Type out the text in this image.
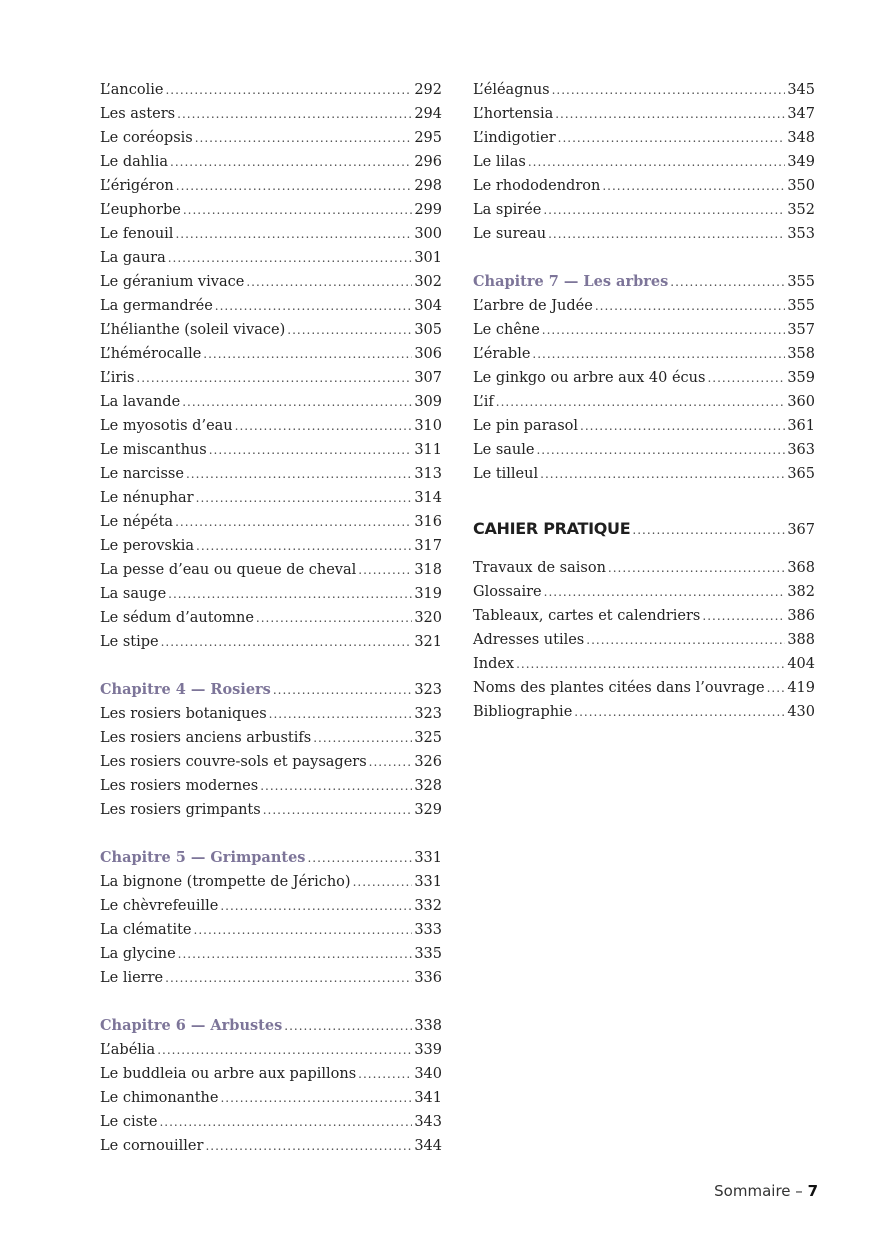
L’ancolie .....	292
Les asters .....	294
Le coréopsis .....	295
Le dahlia .....	296
L’érigéron .....	298
L’euphorbe .....	299
Le fenouil .....	300
La gaura .....	301
Le géranium vivace .....	302
La germandrée .....	304
L’hélianthe (soleil vivace) .....	305
L’hémérocalle .....	306
L’iris .....	307
La lavande .....	309
Le myosotis d’eau .....	310
Le miscanthus .....	311
Le narcisse .....	313
Le nénuphar .....	314
Le népéta .....	316
Le perovskia .....	317
La pesse d’eau ou queue de cheval .....	318
La sauge .....	319
Le sédum d’automne .....	320
Le stipe .....	321
Chapitre 4 — Rosiers .....	323
Les rosiers botaniques .....	323
Les rosiers anciens arbustifs .....	325
Les rosiers couvre-sols et paysagers .....	326
Les rosiers modernes .....	328
Les rosiers grimpants .....	329
Chapitre 5 — Grimpantes .....	331
La bignone (trompette de Jéricho) .....	331
Le chèvrefeuille .....	332
La clématite .....	333
La glycine .....	335
Le lierre .....	336
Chapitre 6 — Arbustes .....	338
L’abélia .....	339
Le buddleia ou arbre aux papillons .....	340
Le chimonanthe .....	341
Le ciste .....	343
Le cornouiller .....	344
L’éléagnus .....	345
L’hortensia .....	347
L’indigotier .....	348
Le lilas .....	349
Le rhododendron .....	350
La spirée .....	352
Le sureau .....	353
Chapitre 7 — Les arbres .....	355
L’arbre de Judée .....	355
Le chêne .....	357
L’érable .....	358
Le ginkgo ou arbre aux 40 écus .....	359
L’if .....	360
Le pin parasol .....	361
Le saule .....	363
Le tilleul .....	365
CAHIER PRATIQUE .....	367
Travaux de saison .....	368
Glossaire .....	382
Tableaux, cartes et calendriers .....	386
Adresses utiles .....	388
Index .....	404
Noms des plantes citées dans l’ouvrage ..... 419
Bibliographie .....	430
Sommaire – 7
